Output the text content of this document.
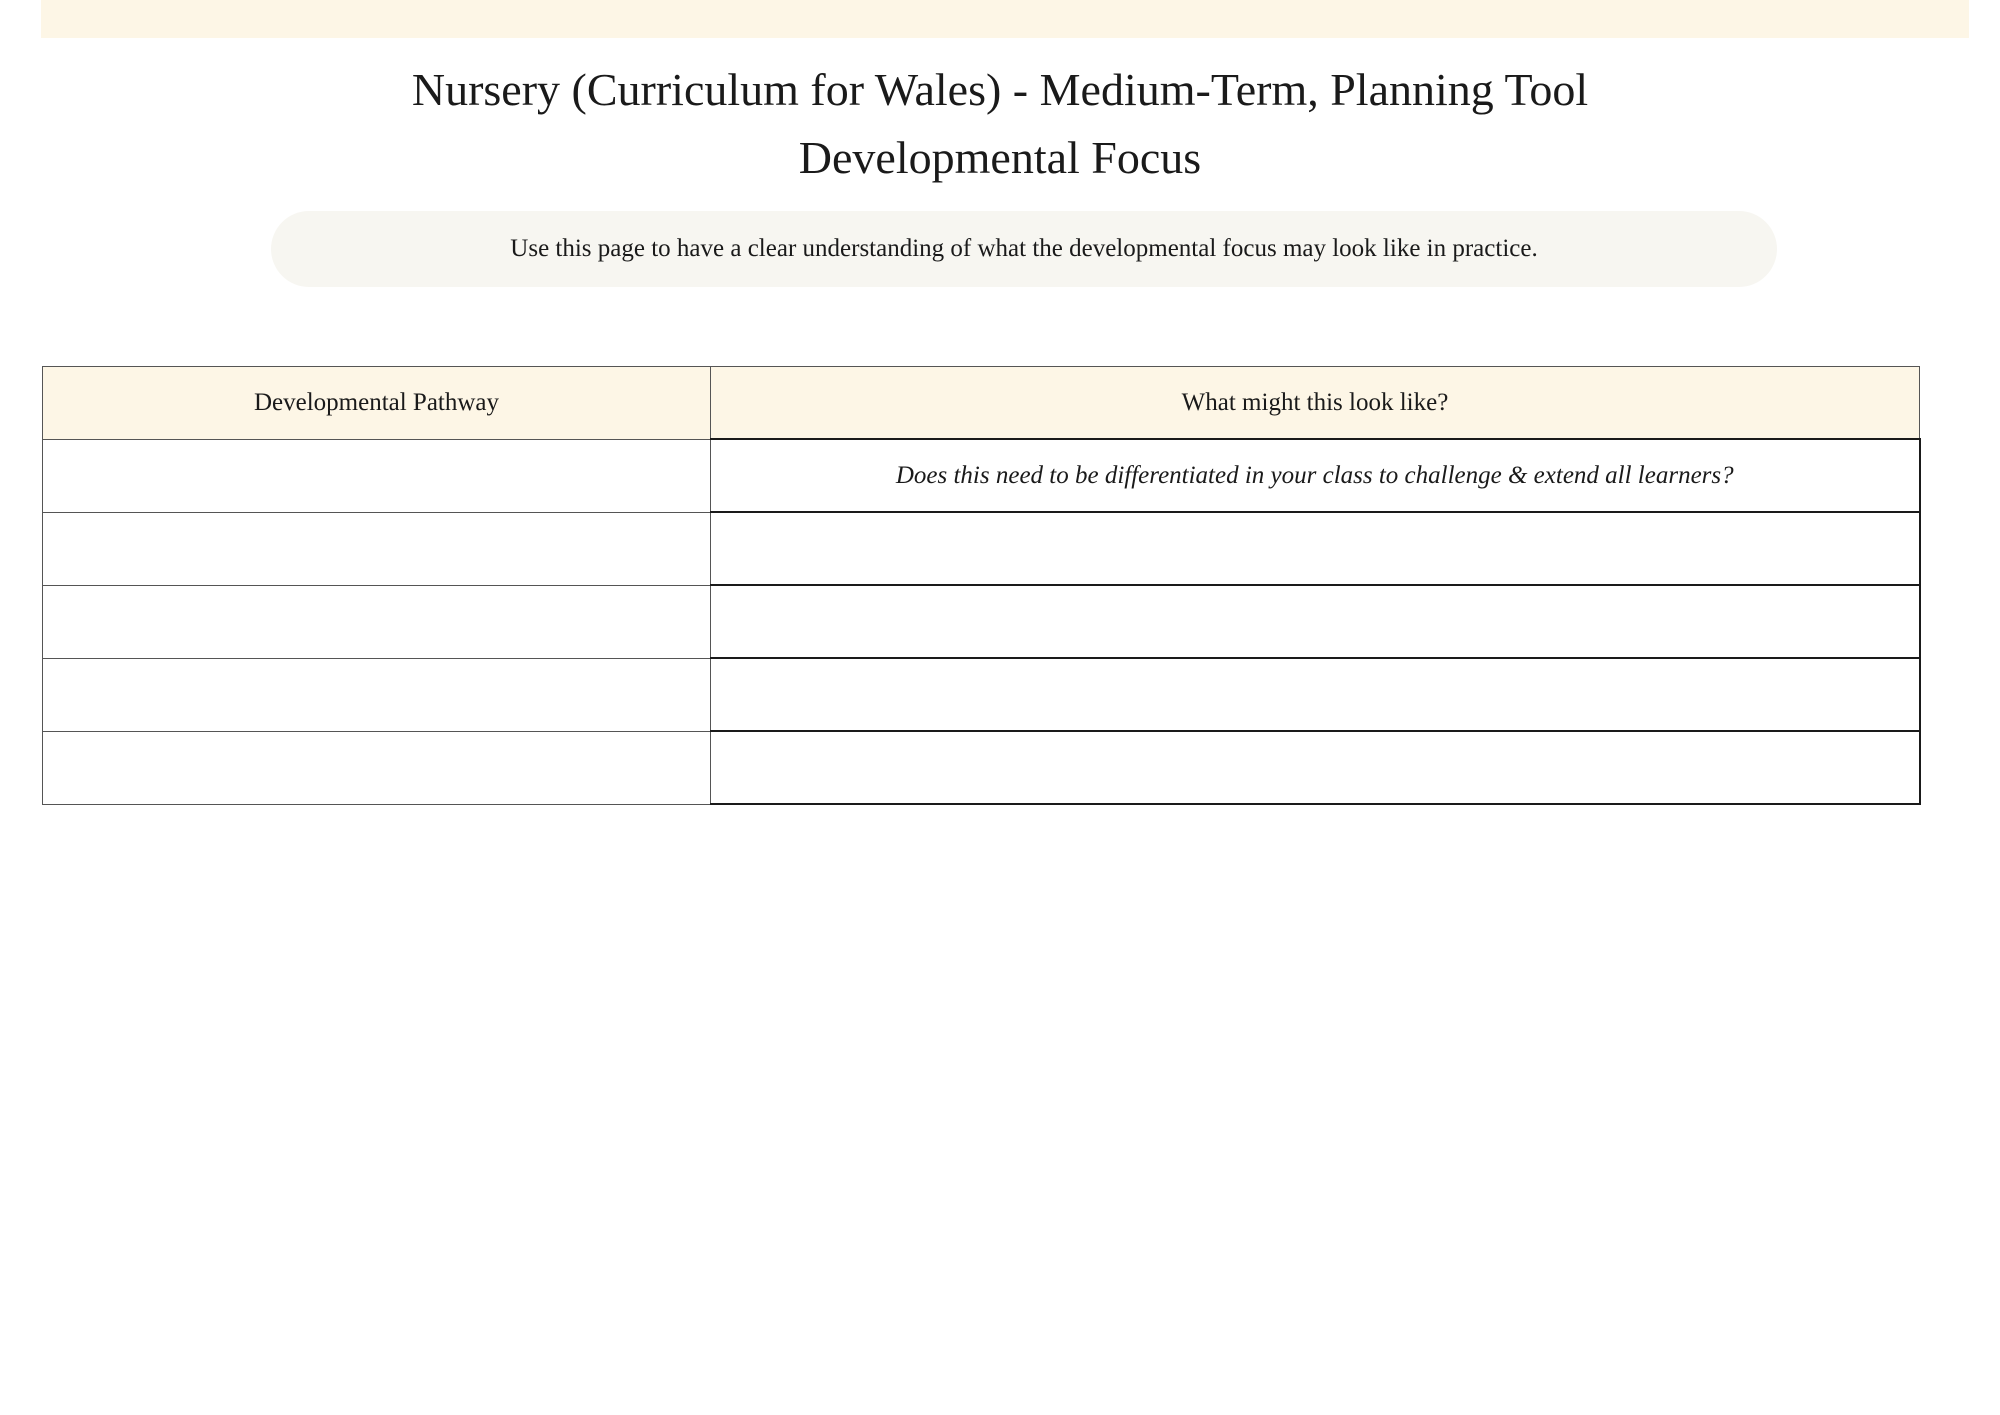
Nursery (Curriculum for Wales) - Medium-Term, Planning Tool
Developmental Focus
Use this page to have a clear understanding of what the developmental focus may look like in practice.
Developmental Pathway	What might this look like?
	Does this need to be differentiated in your class to challenge & extend all learners?
